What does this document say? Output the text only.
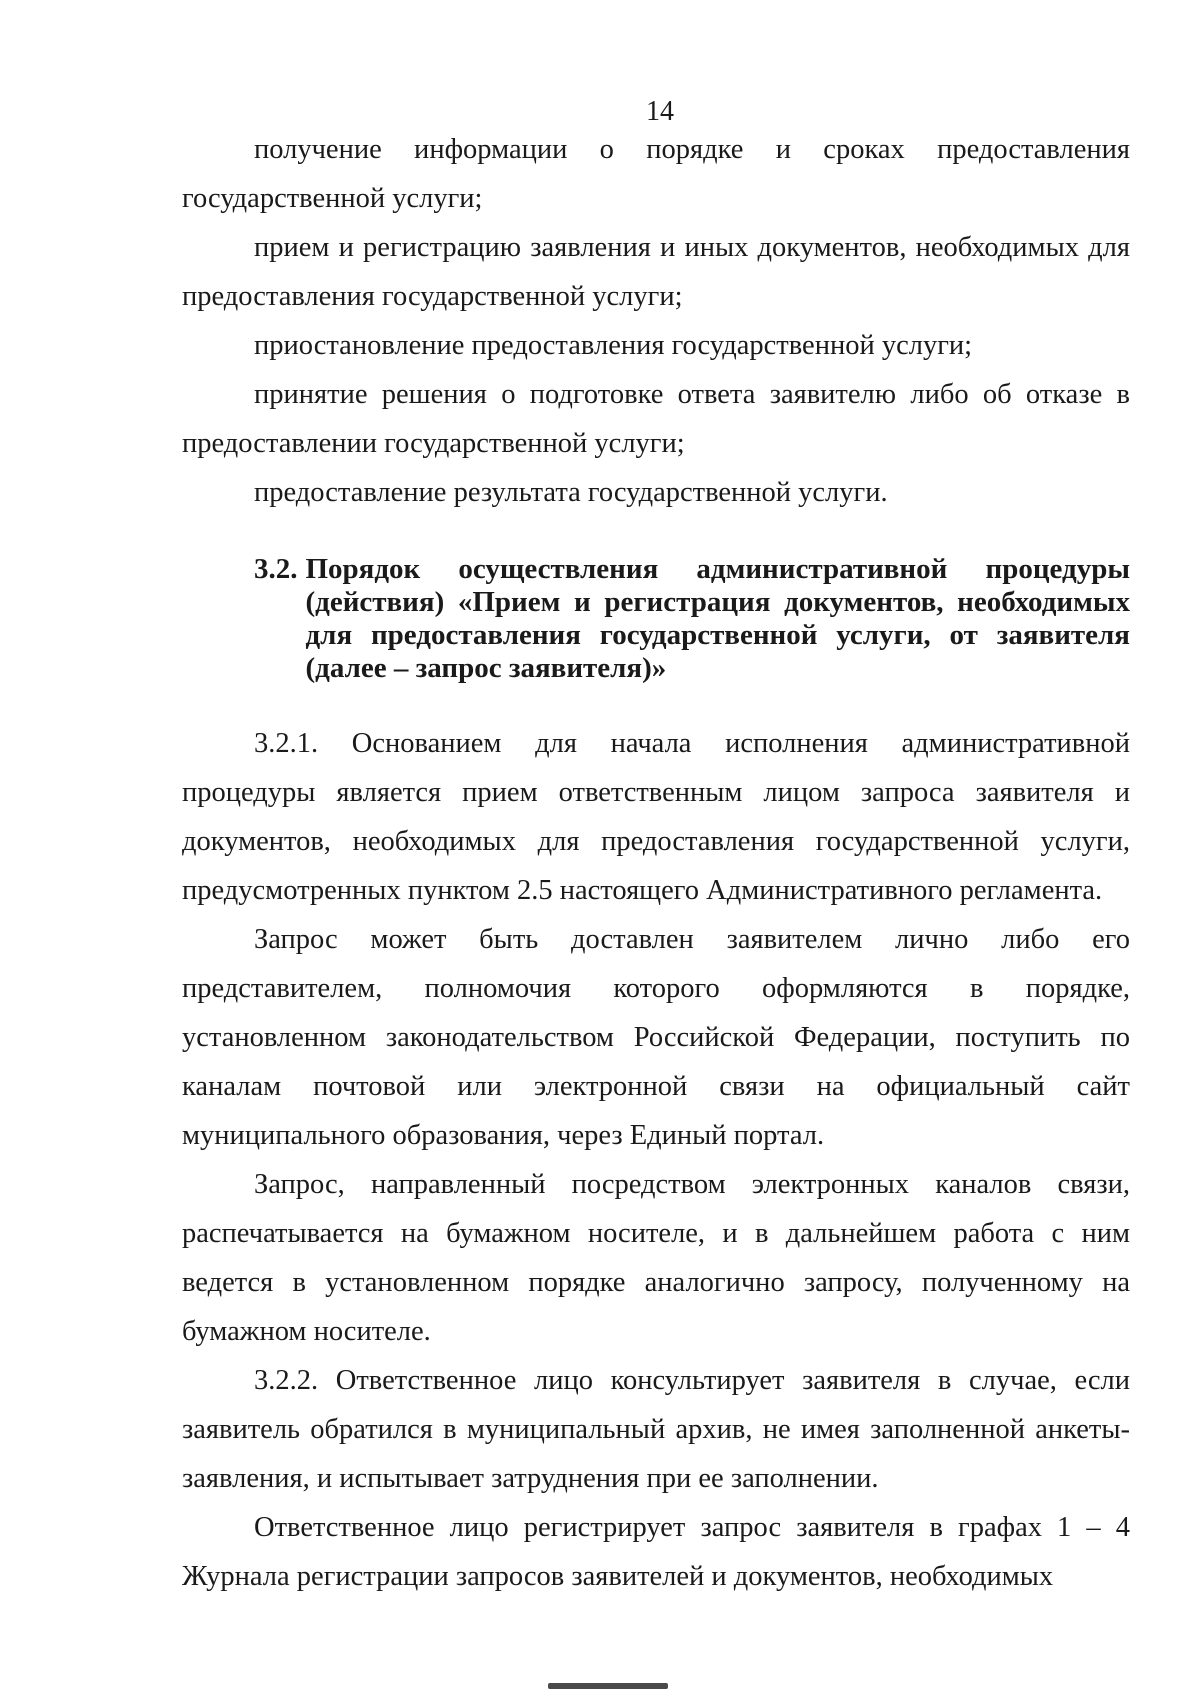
14

получение информации о порядке и сроках предоставления государственной услуги;

прием и регистрацию заявления и иных документов, необходимых для предоставления государственной услуги;

приостановление предоставления государственной услуги;

принятие решения о подготовке ответа заявителю либо об отказе в предоставлении государственной услуги;

предоставление результата государственной услуги.

3.2. Порядок осуществления административной процедуры (действия) «Прием и регистрация документов, необходимых для предоставления государственной услуги, от заявителя (далее – запрос заявителя)»

3.2.1. Основанием для начала исполнения административной процедуры является прием ответственным лицом запроса заявителя и документов, необходимых для предоставления государственной услуги, предусмотренных пунктом 2.5 настоящего Административного регламента.

Запрос может быть доставлен заявителем лично либо его представителем, полномочия которого оформляются в порядке, установленном законодательством Российской Федерации, поступить по каналам почтовой или электронной связи на официальный сайт муниципального образования, через Единый портал.

Запрос, направленный посредством электронных каналов связи, распечатывается на бумажном носителе, и в дальнейшем работа с ним ведется в установленном порядке аналогично запросу, полученному на бумажном носителе.

3.2.2. Ответственное лицо консультирует заявителя в случае, если заявитель обратился в муниципальный архив, не имея заполненной анкеты-заявления, и испытывает затруднения при ее заполнении.

Ответственное лицо регистрирует запрос заявителя в графах 1 – 4 Журнала регистрации запросов заявителей и документов, необходимых
